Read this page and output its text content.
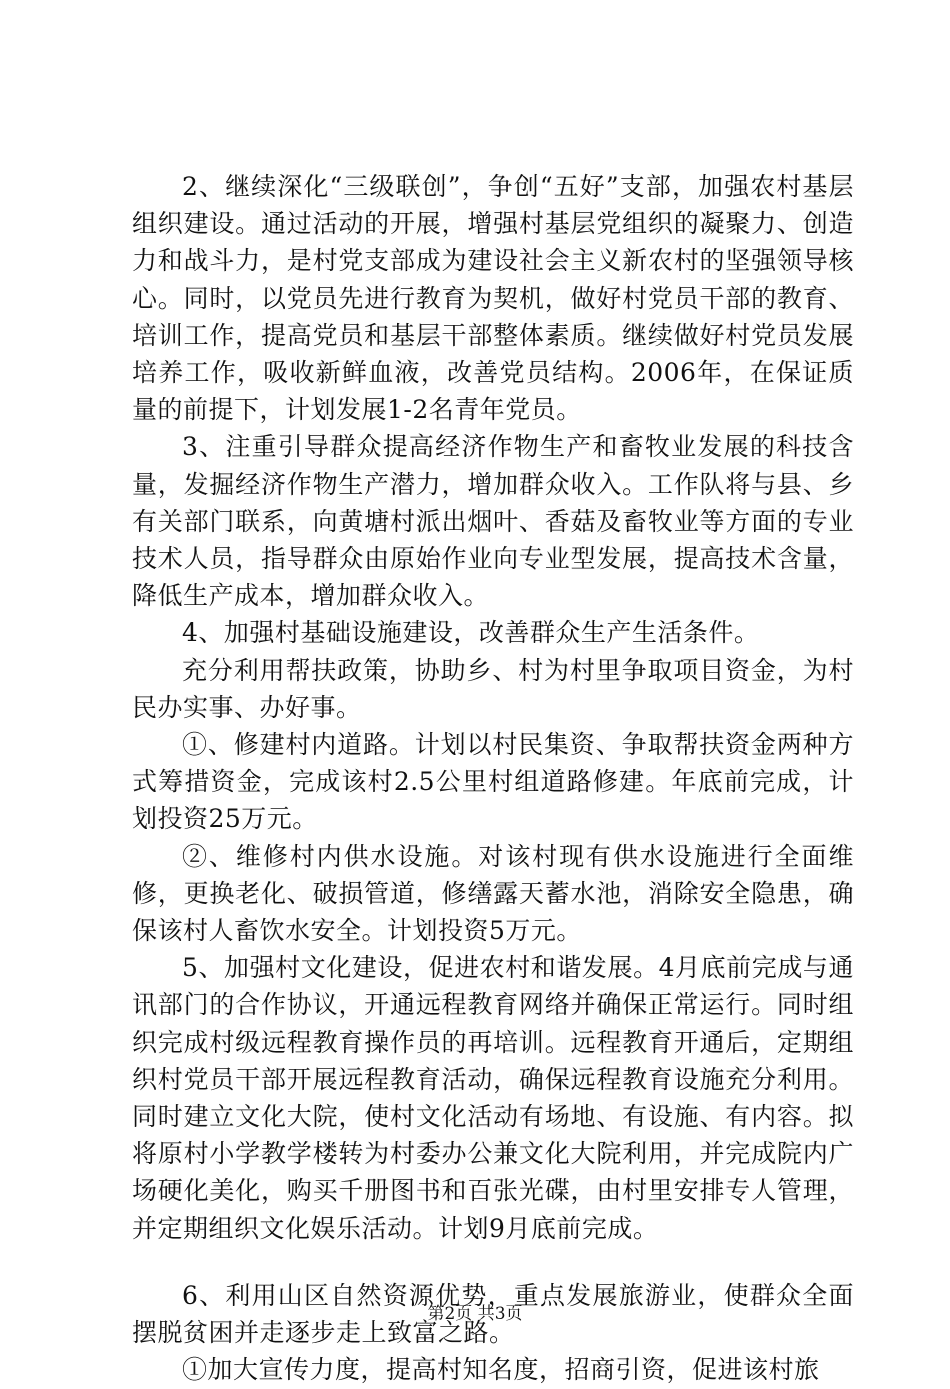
2、继续深化“三级联创”，争创“五好”支部，加强农村基层组织建设。通过活动的开展，增强村基层党组织的凝聚力、创造力和战斗力，是村党支部成为建设社会主义新农村的坚强领导核心。同时，以党员先进行教育为契机，做好村党员干部的教育、培训工作，提高党员和基层干部整体素质。继续做好村党员发展培养工作，吸收新鲜血液，改善党员结构。2006年，在保证质量的前提下，计划发展1-2名青年党员。

3、注重引导群众提高经济作物生产和畜牧业发展的科技含量，发掘经济作物生产潜力，增加群众收入。工作队将与县、乡有关部门联系，向黄塘村派出烟叶、香菇及畜牧业等方面的专业技术人员，指导群众由原始作业向专业型发展，提高技术含量，降低生产成本，增加群众收入。

4、加强村基础设施建设，改善群众生产生活条件。

充分利用帮扶政策，协助乡、村为村里争取项目资金，为村民办实事、办好事。

①、修建村内道路。计划以村民集资、争取帮扶资金两种方式筹措资金，完成该村2.5公里村组道路修建。年底前完成，计划投资25万元。

②、维修村内供水设施。对该村现有供水设施进行全面维修，更换老化、破损管道，修缮露天蓄水池，消除安全隐患，确保该村人畜饮水安全。计划投资5万元。

5、加强村文化建设，促进农村和谐发展。4月底前完成与通讯部门的合作协议，开通远程教育网络并确保正常运行。同时组织完成村级远程教育操作员的再培训。远程教育开通后，定期组织村党员干部开展远程教育活动，确保远程教育设施充分利用。同时建立文化大院，使村文化活动有场地、有设施、有内容。拟将原村小学教学楼转为村委办公兼文化大院利用，并完成院内广场硬化美化，购买千册图书和百张光碟，由村里安排专人管理，并定期组织文化娱乐活动。计划9月底前完成。

6、利用山区自然资源优势，重点发展旅游业，使群众全面摆脱贫困并走逐步走上致富之路。

①加大宣传力度，提高村知名度，招商引资，促进该村旅

第2页 共3页
